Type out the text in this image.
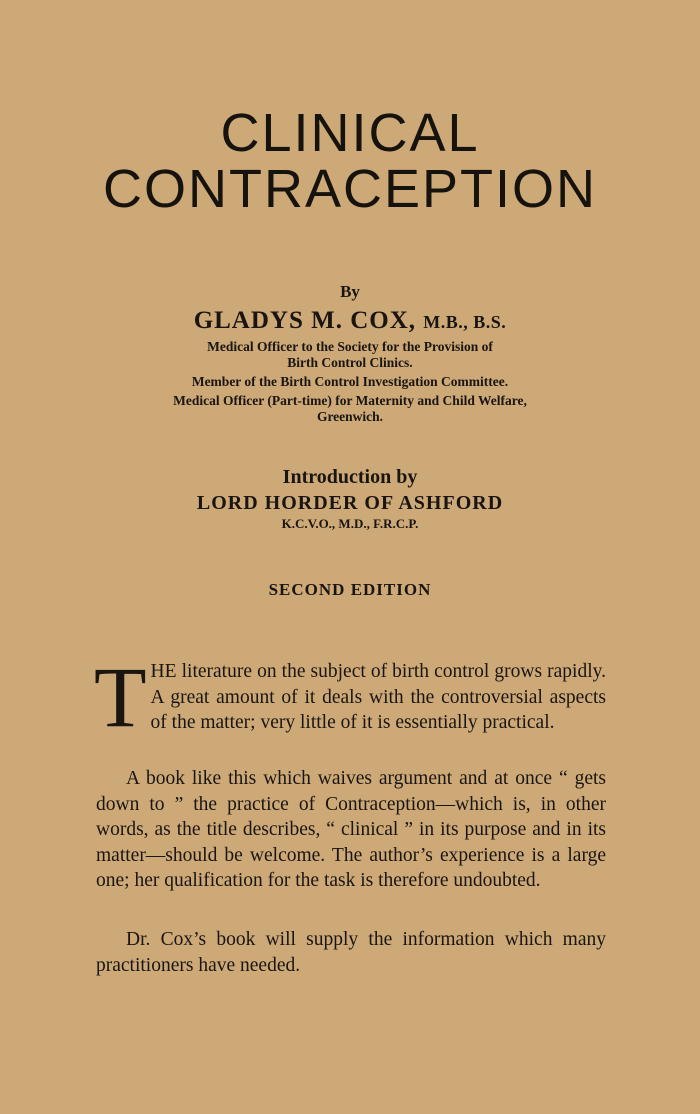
CLINICAL
CONTRACEPTION
By
GLADYS M. COX, M.B., B.S.
Medical Officer to the Society for the Provision of
Birth Control Clinics.
Member of the Birth Control Investigation Committee.
Medical Officer (Part-time) for Maternity and Child Welfare,
Greenwich.
Introduction by
LORD HORDER OF ASHFORD
K.C.V.O., M.D., F.R.C.P.
SECOND EDITION
THE literature on the subject of birth control grows rapidly. A great amount of it deals with the controversial aspects of the matter; very little of it is essentially practical.
A book like this which waives argument and at once “ gets down to ” the practice of Contraception—which is, in other words, as the title describes, “ clinical ” in its purpose and in its matter—should be welcome. The author’s experience is a large one; her qualification for the task is therefore undoubted.
Dr. Cox’s book will supply the information which many practitioners have needed.
